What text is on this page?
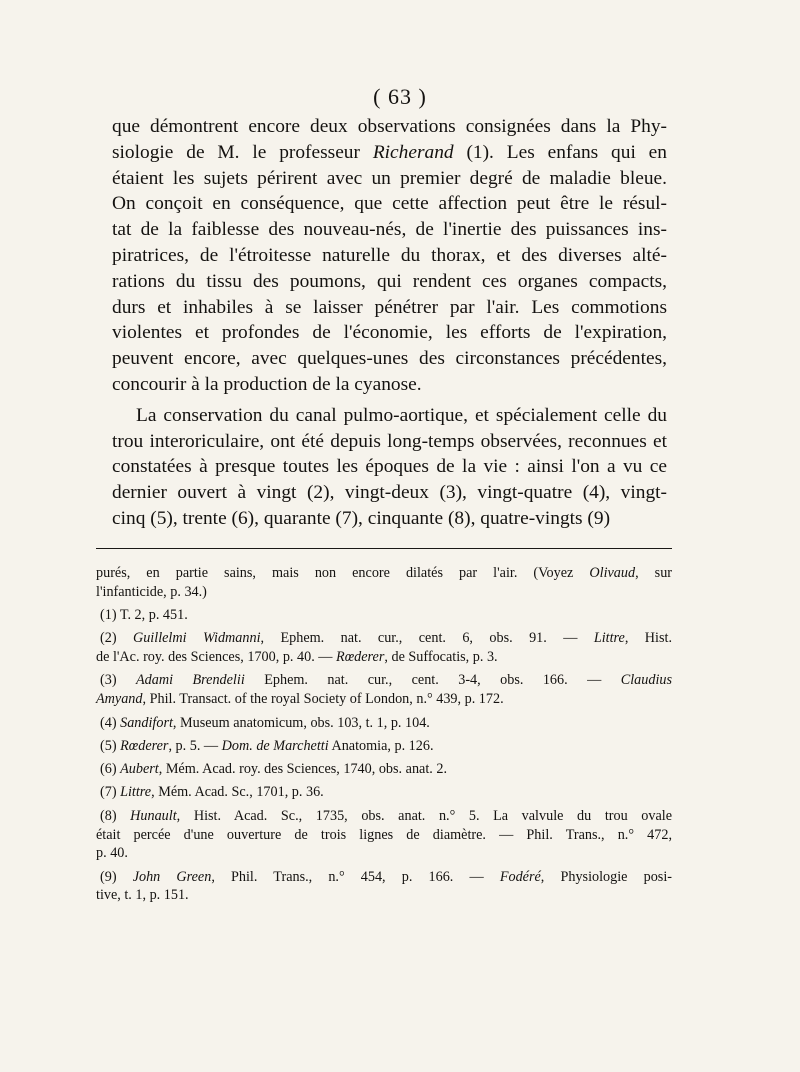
( 63 )

que démontrent encore deux observations consignées dans la Phy-
siologie de M. le professeur Richerand (1). Les enfans qui en
étaient les sujets périrent avec un premier degré de maladie bleue.
On conçoit en conséquence, que cette affection peut être le résul-
tat de la faiblesse des nouveau-nés, de l'inertie des puissances ins-
piratrices, de l'étroitesse naturelle du thorax, et des diverses alté-
rations du tissu des poumons, qui rendent ces organes compacts,
durs et inhabiles à se laisser pénétrer par l'air. Les commotions
violentes et profondes de l'économie, les efforts de l'expiration,
peuvent encore, avec quelques-unes des circonstances précédentes,
concourir à la production de la cyanose.

La conservation du canal pulmo-aortique, et spécialement celle du
trou interoriculaire, ont été depuis long-temps observées, reconnues et
constatées à presque toutes les époques de la vie : ainsi l'on a vu ce
dernier ouvert à vingt (2), vingt-deux (3), vingt-quatre (4), vingt-
cinq (5), trente (6), quarante (7), cinquante (8), quatre-vingts (9)

purés, en partie sains, mais non encore dilatés par l'air. (Voyez Olivaud, sur
l'infanticide, p. 34.)
(1) T. 2, p. 451.
(2) Guillelmi Widmanni, Ephem. nat. cur., cent. 6, obs. 91. — Littre, Hist.
de l'Ac. roy. des Sciences, 1700, p. 40. — Rœderer, de Suffocatis, p. 3.
(3) Adami Brendelii Ephem. nat. cur., cent. 3-4, obs. 166. — Claudius
Amyand, Phil. Transact. of the royal Society of London, n.° 439, p. 172.
(4) Sandifort, Museum anatomicum, obs. 103, t. 1, p. 104.
(5) Rœderer, p. 5. — Dom. de Marchetti Anatomia, p. 126.
(6) Aubert, Mém. Acad. roy. des Sciences, 1740, obs. anat. 2.
(7) Littre, Mém. Acad. Sc., 1701, p. 36.
(8) Hunault, Hist. Acad. Sc., 1735, obs. anat. n.° 5. La valvule du trou ovale
était percée d'une ouverture de trois lignes de diamètre. — Phil. Trans., n.° 472,
p. 40.
(9) John Green, Phil. Trans., n.° 454, p. 166. — Fodéré, Physiologie posi-
tive, t. 1, p. 151.
